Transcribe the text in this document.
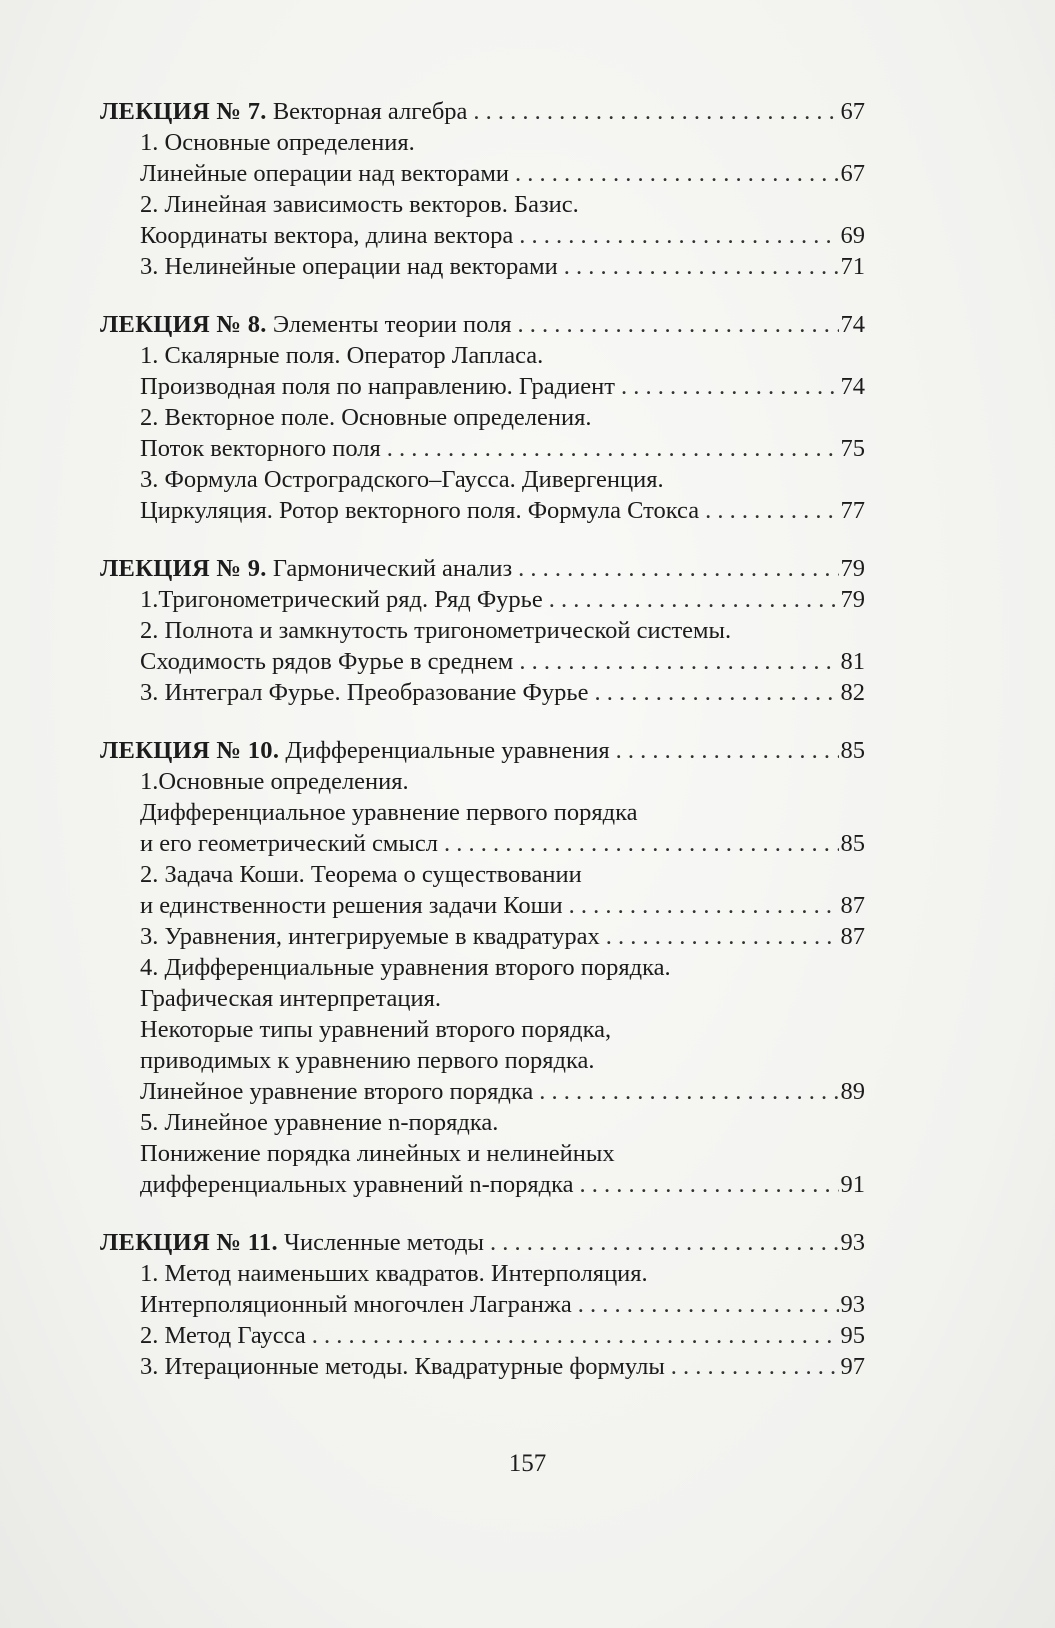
ЛЕКЦИЯ № 7. Векторная алгебра . . .	67
1. Основные определения.
Линейные операции над векторами . . .	67
2. Линейная зависимость векторов. Базис.
Координаты вектора, длина вектора . . .	69
3. Нелинейные операции над векторами . . .	71
ЛЕКЦИЯ № 8. Элементы теории поля . . .	74
1. Скалярные поля. Оператор Лапласа.
Производная поля по направлению. Градиент . . .	74
2. Векторное поле. Основные определения.
Поток векторного поля . . .	75
3. Формула Остроградского–Гаусса. Дивергенция.
Циркуляция. Ротор векторного поля. Формула Стокса . . .	77
ЛЕКЦИЯ № 9. Гармонический анализ . . .	79
1.Тригонометрический ряд. Ряд Фурье . . .	79
2. Полнота и замкнутость тригонометрической системы.
Сходимость рядов Фурье в среднем . . .	81
3. Интеграл Фурье. Преобразование Фурье . . .	82
ЛЕКЦИЯ № 10. Дифференциальные уравнения . . .	85
1.Основные определения.
Дифференциальное уравнение первого порядка
и его геометрический смысл . . .	85
2. Задача Коши. Теорема о существовании
и единственности решения задачи Коши . . .	87
3. Уравнения, интегрируемые в квадратурах . . .	87
4. Дифференциальные уравнения второго порядка.
Графическая интерпретация.
Некоторые типы уравнений второго порядка,
приводимых к уравнению первого порядка.
Линейное уравнение второго порядка . . .	89
5. Линейное уравнение n-порядка.
Понижение порядка линейных и нелинейных
дифференциальных уравнений n-порядка . . .	91
ЛЕКЦИЯ № 11. Численные методы . . .	93
1. Метод наименьших квадратов. Интерполяция.
Интерполяционный многочлен Лагранжа . . .	93
2. Метод Гаусса . . .	95
3. Итерационные методы. Квадратурные формулы . . .	97
157
